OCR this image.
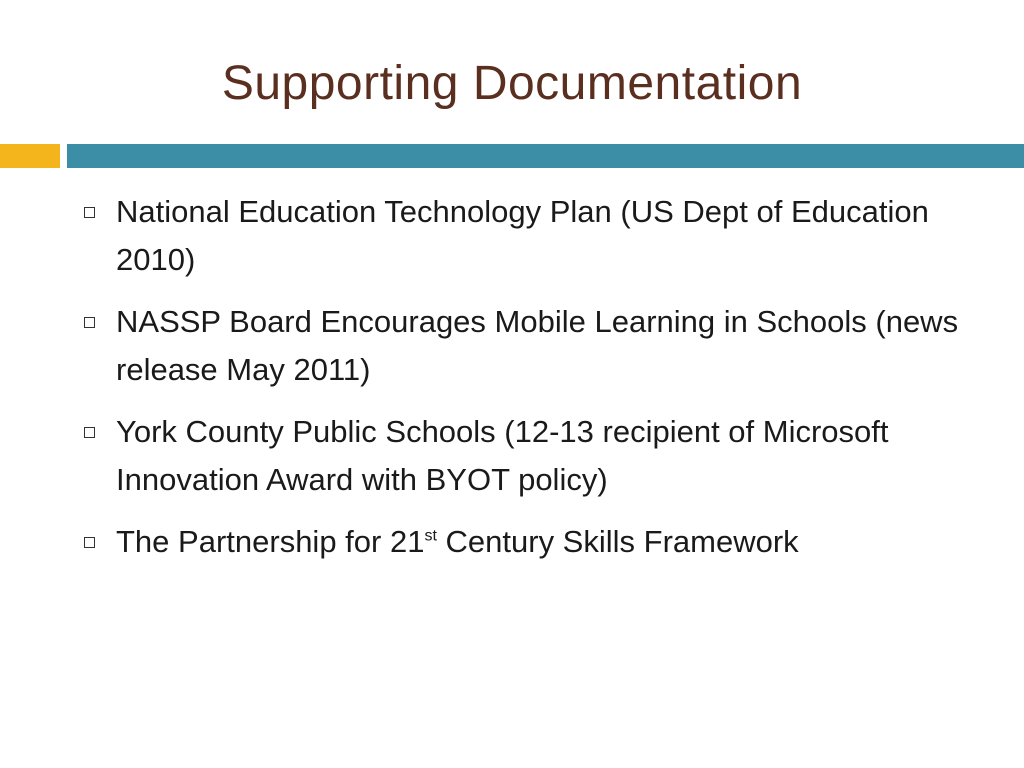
Supporting Documentation
National Education Technology Plan (US Dept of Education 2010)
NASSP Board Encourages Mobile Learning in Schools (news release May 2011)
York County Public Schools (12-13 recipient of Microsoft Innovation Award with BYOT policy)
The Partnership for 21st Century Skills Framework
